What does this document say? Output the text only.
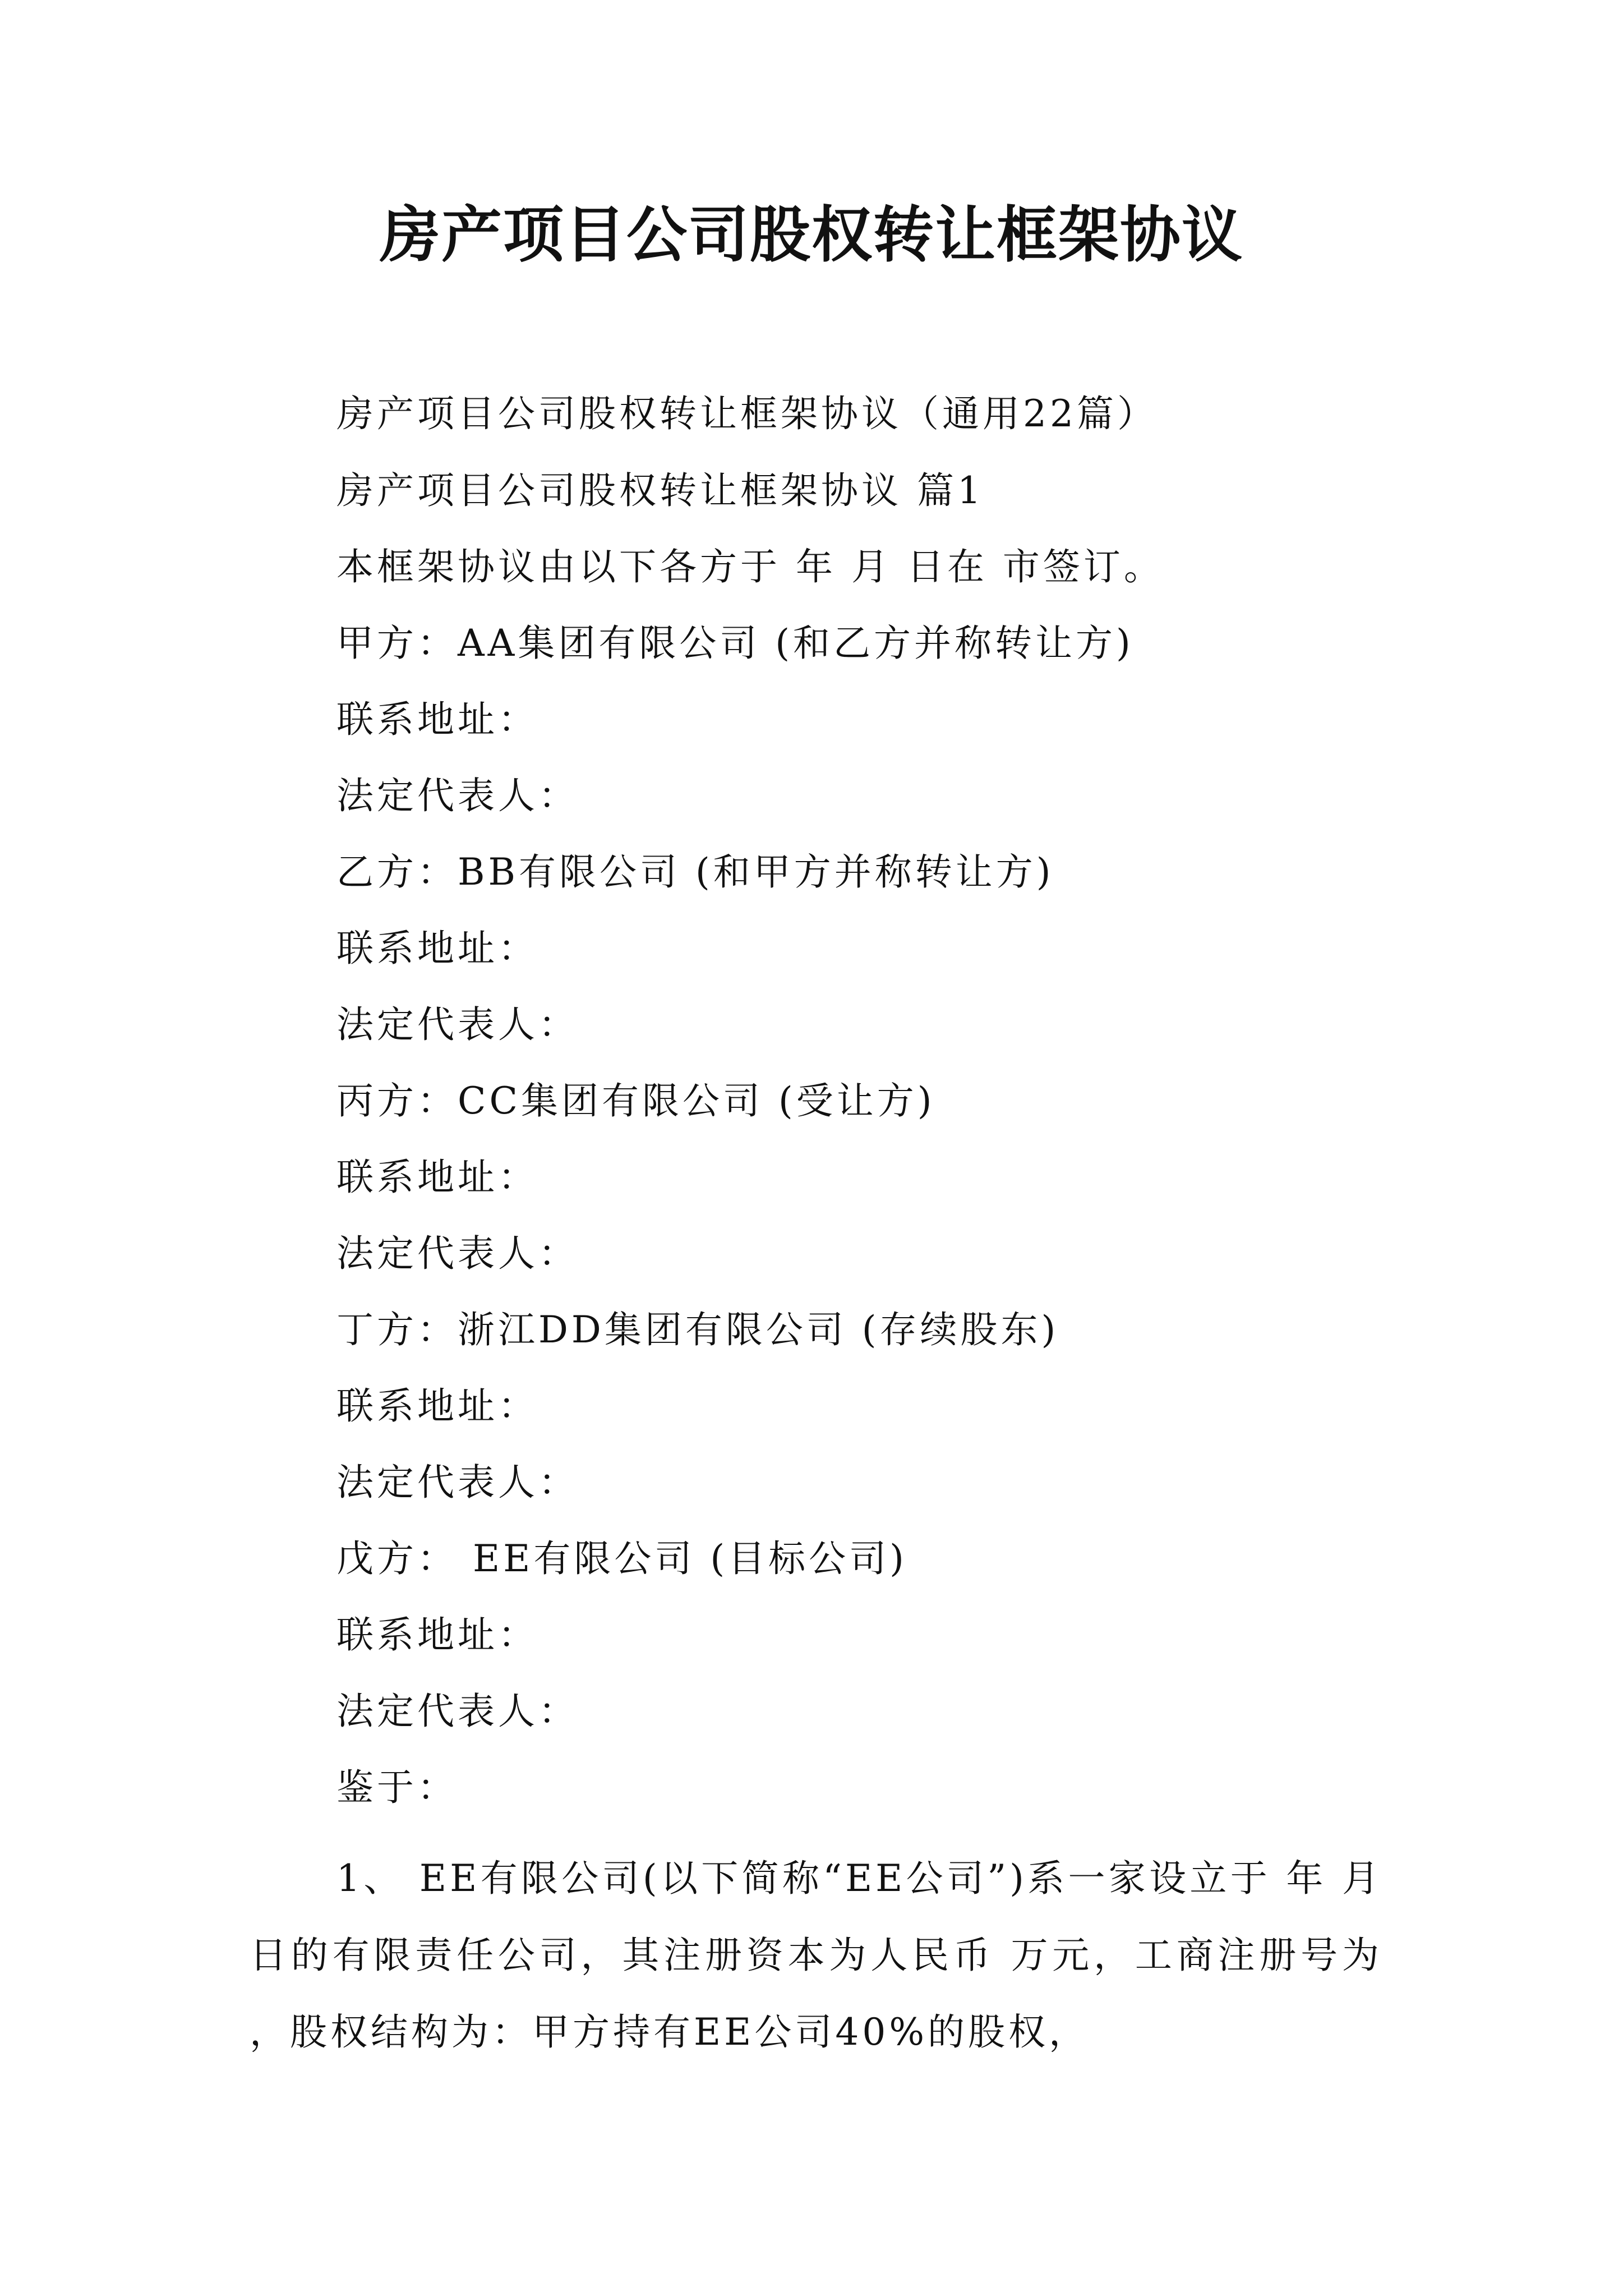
房产项目公司股权转让框架协议

房产项目公司股权转让框架协议（通用22篇）

房产项目公司股权转让框架协议 篇1

本框架协议由以下各方于 年 月 日在 市签订。

甲方：AA集团有限公司 (和乙方并称转让方)

联系地址：

法定代表人：

乙方：BB有限公司 (和甲方并称转让方)

联系地址：

法定代表人：

丙方：CC集团有限公司 (受让方)

联系地址：

法定代表人：

丁方：浙江DD集团有限公司 (存续股东)

联系地址：

法定代表人：

戊方： EE有限公司 (目标公司)

联系地址：

法定代表人：

鉴于：

1、 EE有限公司(以下简称“EE公司”)系一家设立于 年 月 日的有限责任公司，其注册资本为人民币 万元，工商注册号为 ，股权结构为：甲方持有EE公司40%的股权，
